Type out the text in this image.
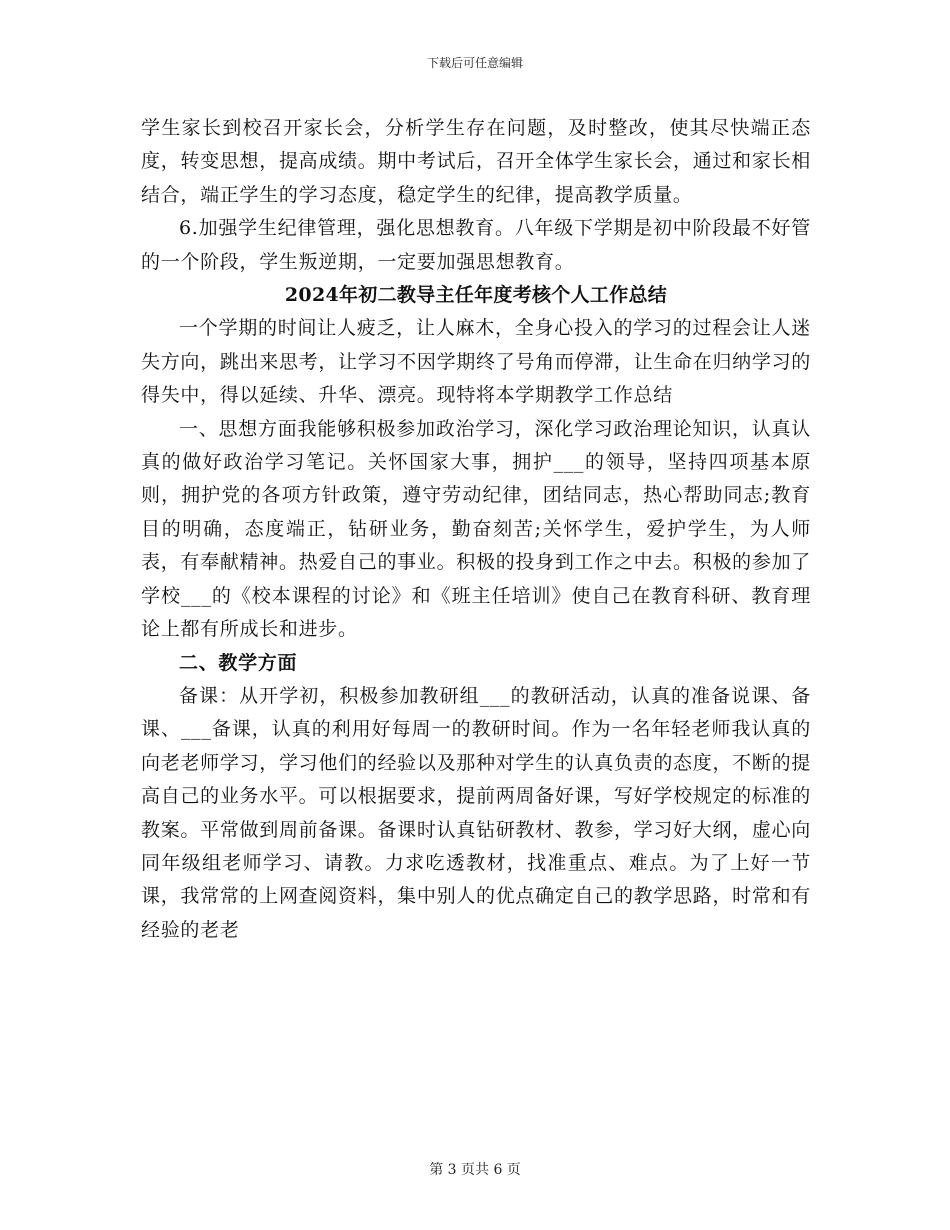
下载后可任意编辑

学生家长到校召开家长会，分析学生存在问题，及时整改，使其尽快端正态度，转变思想，提高成绩。期中考试后，召开全体学生家长会，通过和家长相结合，端正学生的学习态度，稳定学生的纪律，提高教学质量。

6.加强学生纪律管理，强化思想教育。八年级下学期是初中阶段最不好管的一个阶段，学生叛逆期，一定要加强思想教育。

2024年初二教导主任年度考核个人工作总结

一个学期的时间让人疲乏，让人麻木，全身心投入的学习的过程会让人迷失方向，跳出来思考，让学习不因学期终了号角而停滞，让生命在归纳学习的得失中，得以延续、升华、漂亮。现特将本学期教学工作总结

一、思想方面我能够积极参加政治学习，深化学习政治理论知识，认真认真的做好政治学习笔记。关怀国家大事，拥护___的领导，坚持四项基本原则，拥护党的各项方针政策，遵守劳动纪律，团结同志，热心帮助同志;教育目的明确，态度端正，钻研业务，勤奋刻苦;关怀学生，爱护学生，为人师表，有奉献精神。热爱自己的事业。积极的投身到工作之中去。积极的参加了学校___的《校本课程的讨论》和《班主任培训》使自己在教育科研、教育理论上都有所成长和进步。

二、教学方面

备课：从开学初，积极参加教研组___的教研活动，认真的准备说课、备课、___备课，认真的利用好每周一的教研时间。作为一名年轻老师我认真的向老老师学习，学习他们的经验以及那种对学生的认真负责的态度，不断的提高自己的业务水平。可以根据要求，提前两周备好课，写好学校规定的标准的教案。平常做到周前备课。备课时认真钻研教材、教参，学习好大纲，虚心向同年级组老师学习、请教。力求吃透教材，找准重点、难点。为了上好一节课，我常常的上网查阅资料，集中别人的优点确定自己的教学思路，时常和有经验的老老

第 3 页共 6 页
